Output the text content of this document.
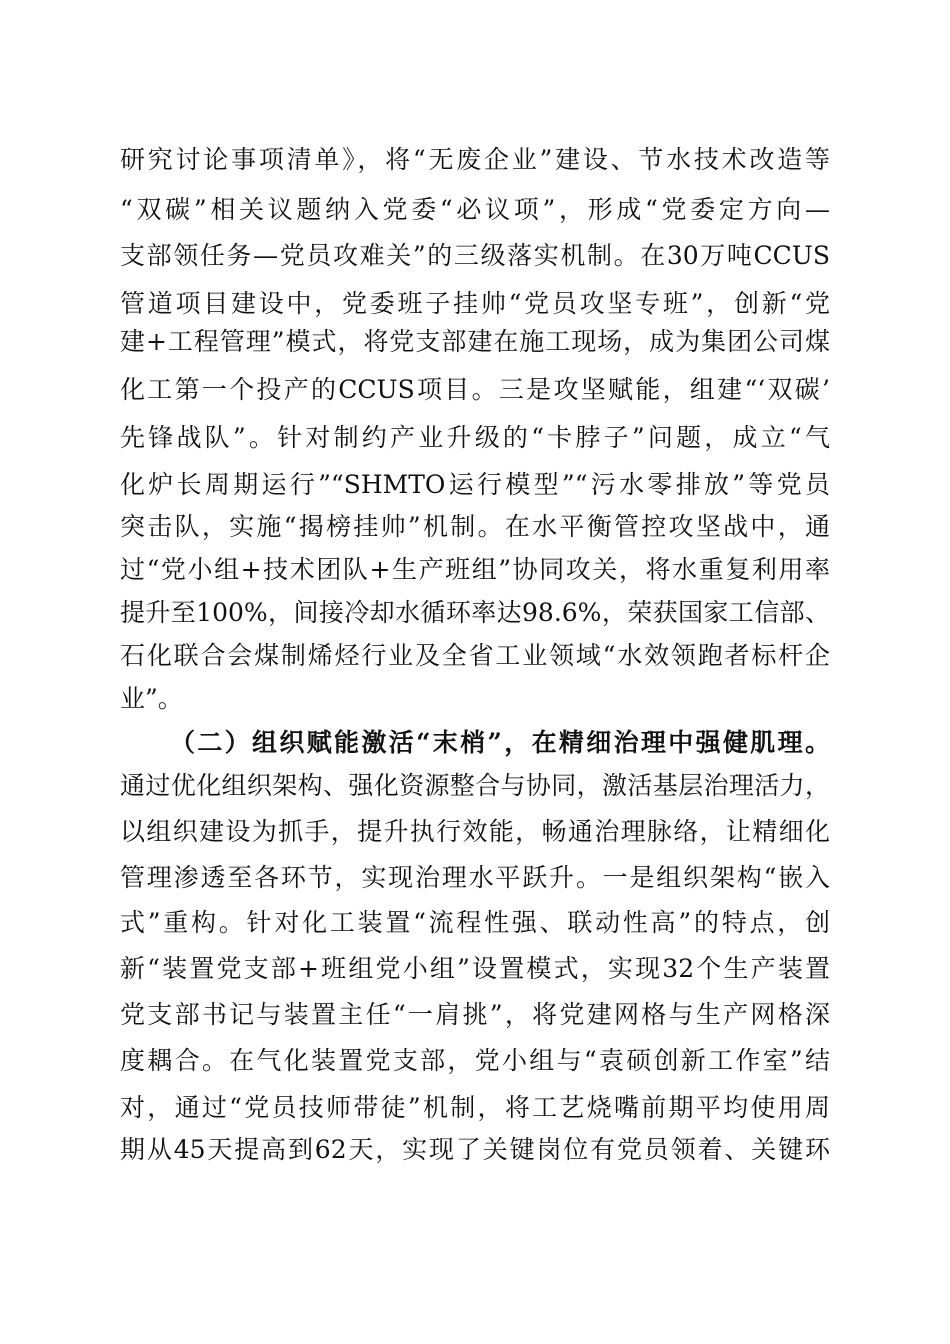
研究讨论事项清单》，将“无废企业”建设、节水技术改造等
“双碳”相关议题纳入党委“必议项”，形成“党委定方向—
支部领任务—党员攻难关”的三级落实机制。在30万吨CCUS
管道项目建设中，党委班子挂帅“党员攻坚专班”，创新“党
建+工程管理”模式，将党支部建在施工现场，成为集团公司煤
化工第一个投产的CCUS项目。三是攻坚赋能，组建“‘双碳’
先锋战队”。针对制约产业升级的“卡脖子”问题，成立“气
化炉长周期运行”“SHMTO运行模型”“污水零排放”等党员
突击队，实施“揭榜挂帅”机制。在水平衡管控攻坚战中，通
过“党小组+技术团队+生产班组”协同攻关，将水重复利用率
提升至100%，间接冷却水循环率达98.6%，荣获国家工信部、
石化联合会煤制烯烃行业及全省工业领域“水效领跑者标杆企
业”。
（二）组织赋能激活“末梢”，在精细治理中强健肌理。
通过优化组织架构、强化资源整合与协同，激活基层治理活力，
以组织建设为抓手，提升执行效能，畅通治理脉络，让精细化
管理渗透至各环节，实现治理水平跃升。一是组织架构“嵌入
式”重构。针对化工装置“流程性强、联动性高”的特点，创
新“装置党支部+班组党小组”设置模式，实现32个生产装置
党支部书记与装置主任“一肩挑”，将党建网格与生产网格深
度耦合。在气化装置党支部，党小组与“袁硕创新工作室”结
对，通过“党员技师带徒”机制，将工艺烧嘴前期平均使用周
期从45天提高到62天，实现了关键岗位有党员领着、关键环
